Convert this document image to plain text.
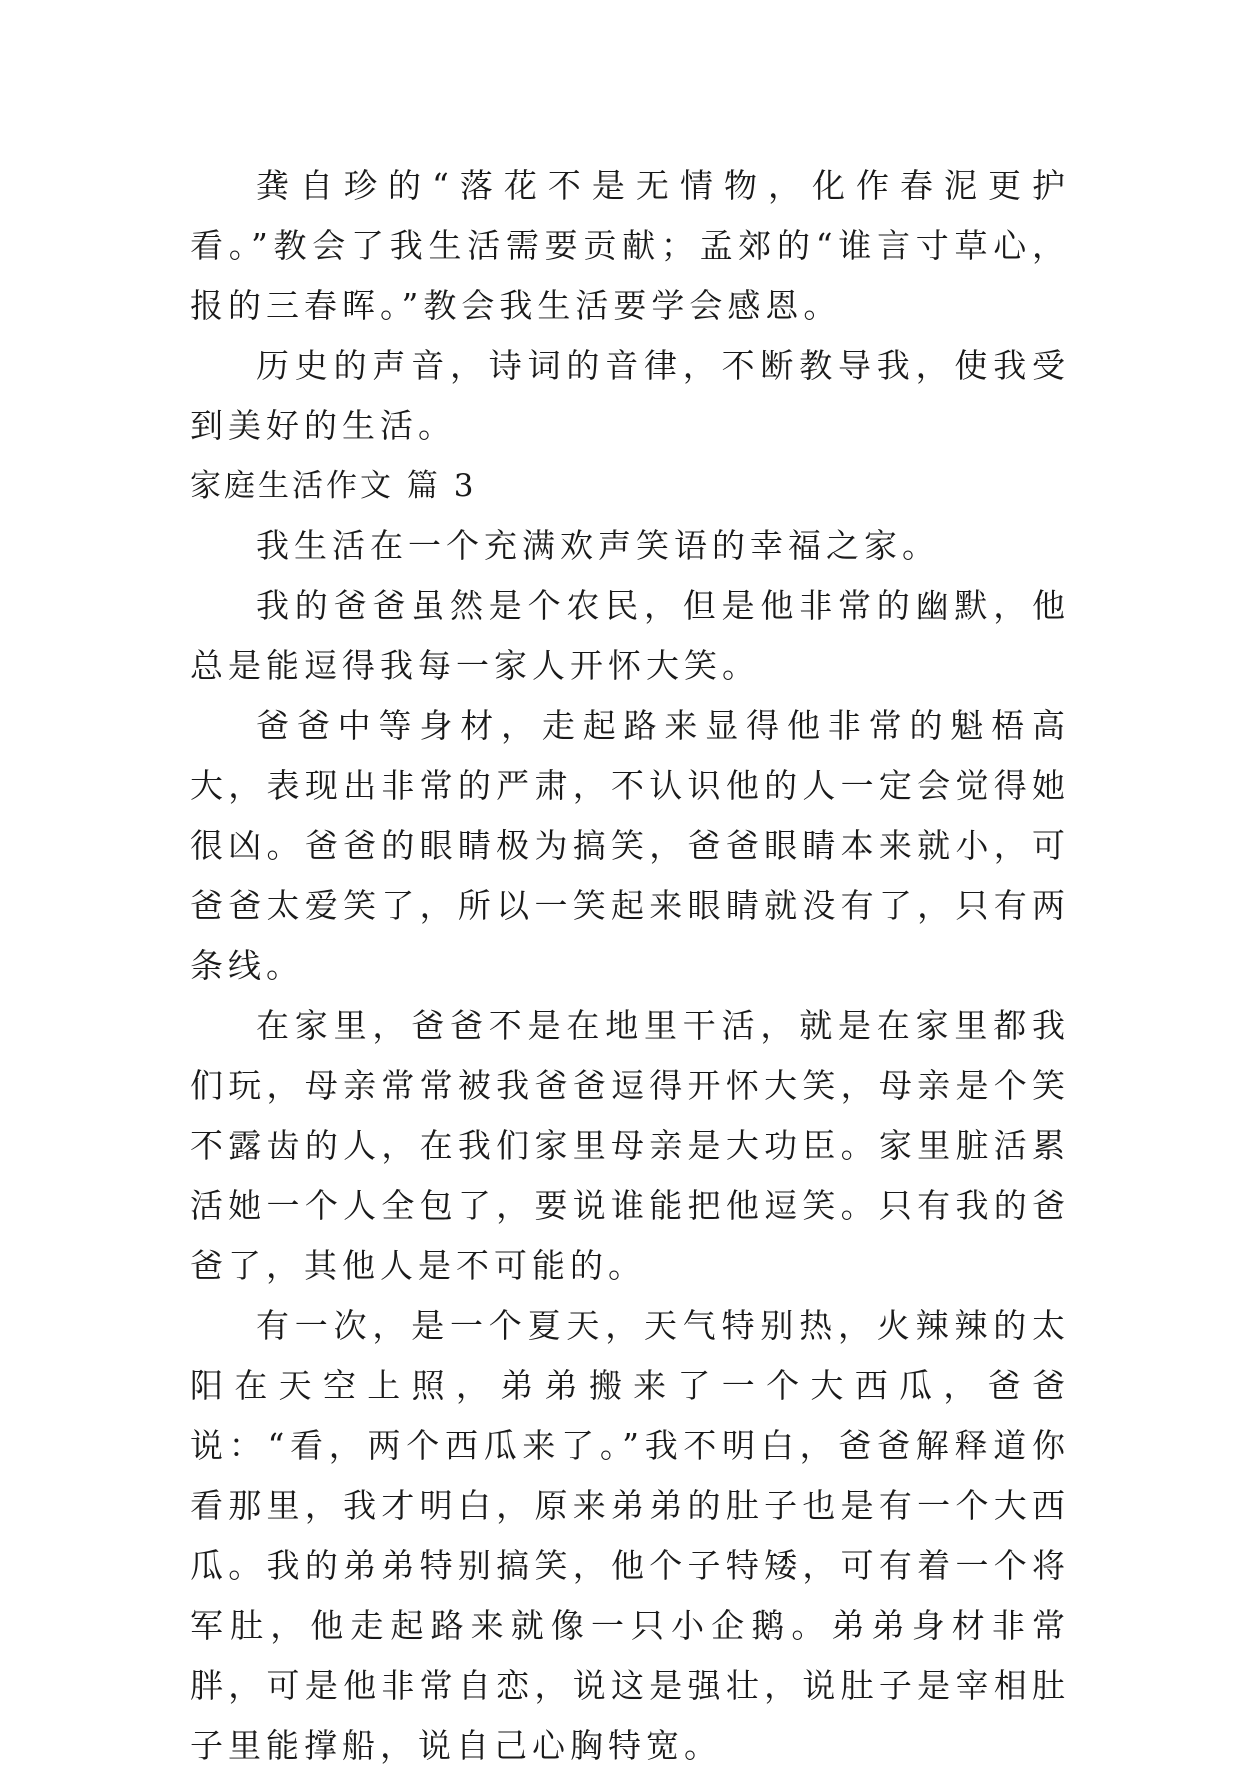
龚自珍的“落花不是无情物，化作春泥更护看。”教会了我生活需要贡献；孟郊的“谁言寸草心，报的三春晖。”教会我生活要学会感恩。

历史的声音，诗词的音律，不断教导我，使我受到美好的生活。

家庭生活作文 篇 3

我生活在一个充满欢声笑语的幸福之家。

我的爸爸虽然是个农民，但是他非常的幽默，他总是能逗得我每一家人开怀大笑。

爸爸中等身材，走起路来显得他非常的魁梧高大，表现出非常的严肃，不认识他的人一定会觉得她很凶。爸爸的眼睛极为搞笑，爸爸眼睛本来就小，可爸爸太爱笑了，所以一笑起来眼睛就没有了，只有两条线。

在家里，爸爸不是在地里干活，就是在家里都我们玩，母亲常常被我爸爸逗得开怀大笑，母亲是个笑不露齿的人，在我们家里母亲是大功臣。家里脏活累活她一个人全包了，要说谁能把他逗笑。只有我的爸爸了，其他人是不可能的。

有一次，是一个夏天，天气特别热，火辣辣的太阳在天空上照，弟弟搬来了一个大西瓜，爸爸说：“看，两个西瓜来了。”我不明白，爸爸解释道你看那里，我才明白，原来弟弟的肚子也是有一个大西瓜。我的弟弟特别搞笑，他个子特矮，可有着一个将军肚，他走起路来就像一只小企鹅。弟弟身材非常胖，可是他非常自恋，说这是强壮，说肚子是宰相肚子里能撑船，说自己心胸特宽。
